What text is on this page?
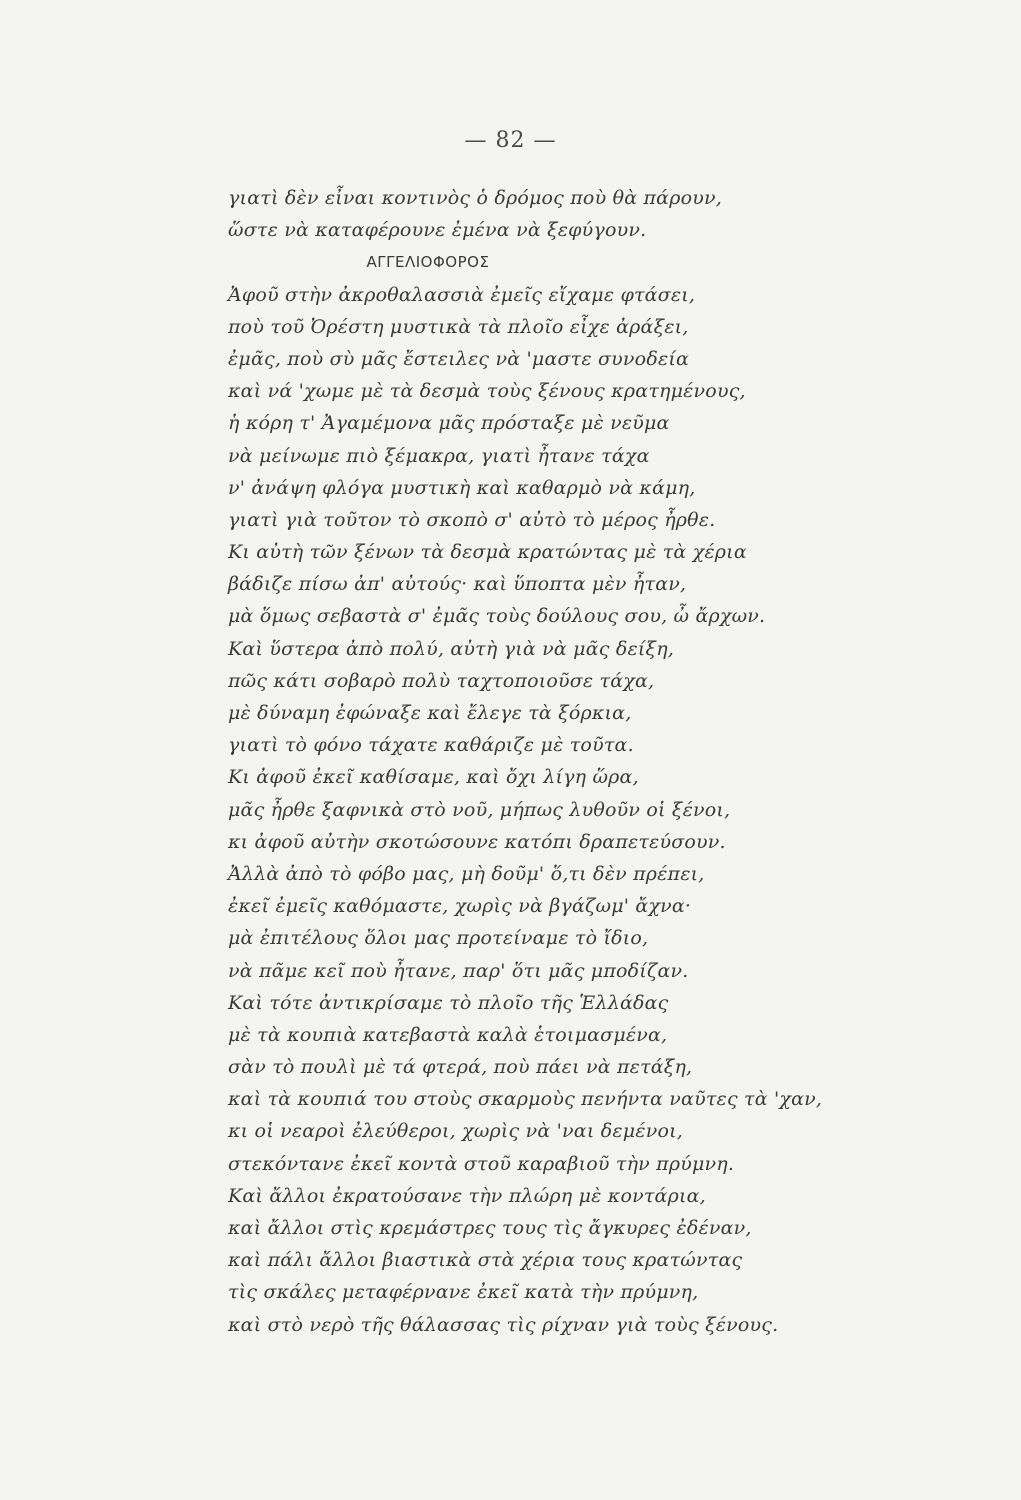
— 82 —
γιατὶ δὲν εἶναι κοντινὸς ὁ δρόμος ποὺ θὰ πάρουν,
ὥστε νὰ καταφέρουνε ἐμένα νὰ ξεφύγουν.
ΑΓΓΕΛΙΟΦΟΡΟΣ
Ἀφοῦ στὴν ἀκροθαλασσιὰ ἐμεῖς εἴχαμε φτάσει,
ποὺ τοῦ Ὀρέστη μυστικὰ τὰ πλοῖο εἶχε ἀράξει,
ἐμᾶς, ποὺ σὺ μᾶς ἔστειλες νὰ 'μαστε συνοδεία
καὶ νά 'χωμε μὲ τὰ δεσμὰ τοὺς ξένους κρατημένους,
ἡ κόρη τ' Ἀγαμέμονα μᾶς πρόσταξε μὲ νεῦμα
νὰ μείνωμε πιὸ ξέμακρα, γιατὶ ἦτανε τάχα
ν' ἀνάψη φλόγα μυστικὴ καὶ καθαρμὸ νὰ κάμη,
γιατὶ γιὰ τοῦτον τὸ σκοπὸ σ' αὐτὸ τὸ μέρος ἦρθε.
Κι αὐτὴ τῶν ξένων τὰ δεσμὰ κρατώντας μὲ τὰ χέρια
βάδιζε πίσω ἀπ' αὐτούς· καὶ ὕποπτα μὲν ἦταν,
μὰ ὅμως σεβαστὰ σ' ἐμᾶς τοὺς δούλους σου, ὦ ἄρχων.
Καὶ ὕστερα ἀπὸ πολύ, αὐτὴ γιὰ νὰ μᾶς δείξη,
πῶς κάτι σοβαρὸ πολὺ ταχτοποιοῦσε τάχα,
μὲ δύναμη ἐφώναξε καὶ ἔλεγε τὰ ξόρκια,
γιατὶ τὸ φόνο τάχατε καθάριζε μὲ τοῦτα.
Κι ἀφοῦ ἐκεῖ καθίσαμε, καὶ ὄχι λίγη ὥρα,
μᾶς ἦρθε ξαφνικὰ στὸ νοῦ, μήπως λυθοῦν οἱ ξένοι,
κι ἀφοῦ αὐτὴν σκοτώσουνε κατόπι δραπετεύσουν.
Ἀλλὰ ἀπὸ τὸ φόβο μας, μὴ δοῦμ' ὅ,τι δὲν πρέπει,
ἐκεῖ ἐμεῖς καθόμαστε, χωρὶς νὰ βγάζωμ' ἄχνα·
μὰ ἐπιτέλους ὅλοι μας προτείναμε τὸ ἴδιο,
νὰ πᾶμε κεῖ ποὺ ἦτανε, παρ' ὅτι μᾶς μποδίζαν.
Καὶ τότε ἀντικρίσαμε τὸ πλοῖο τῆς Ἑλλάδας
μὲ τὰ κουπιὰ κατεβαστὰ καλὰ ἑτοιμασμένα,
σὰν τὸ πουλὶ μὲ τά φτερά, ποὺ πάει νὰ πετάξη,
καὶ τὰ κουπιά του στοὺς σκαρμοὺς πενήντα ναῦτες τὰ 'χαν,
κι οἱ νεαροὶ ἐλεύθεροι, χωρὶς νὰ 'ναι δεμένοι,
στεκόντανε ἐκεῖ κοντὰ στοῦ καραβιοῦ τὴν πρύμνη.
Καὶ ἄλλοι ἐκρατούσανε τὴν πλώρη μὲ κοντάρια,
καὶ ἄλλοι στὶς κρεμάστρες τους τὶς ἄγκυρες ἐδέναν,
καὶ πάλι ἄλλοι βιαστικὰ στὰ χέρια τους κρατώντας
τὶς σκάλες μεταφέρνανε ἐκεῖ κατὰ τὴν πρύμνη,
καὶ στὸ νερὸ τῆς θάλασσας τὶς ρίχναν γιὰ τοὺς ξένους.
